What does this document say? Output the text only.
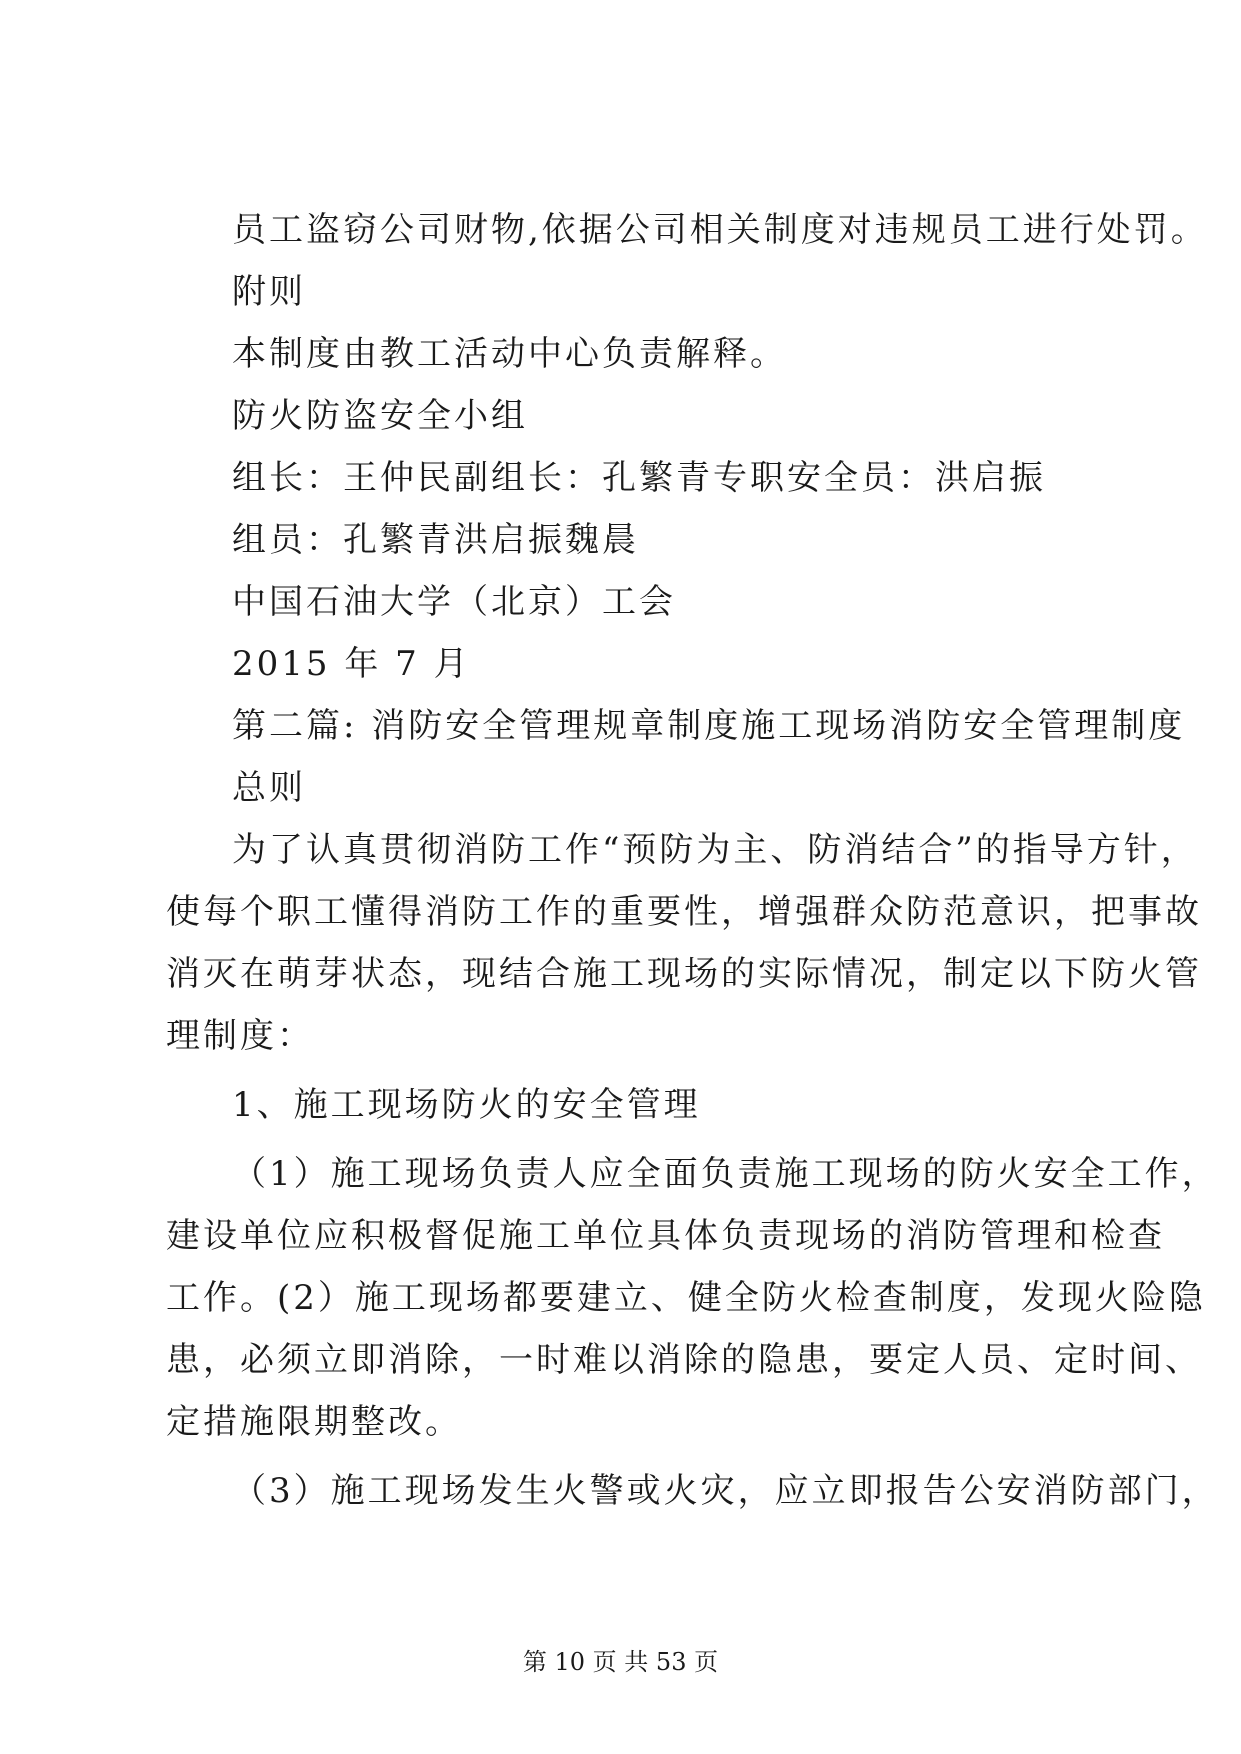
员工盗窃公司财物,依据公司相关制度对违规员工进行处罚。
附则
本制度由教工活动中心负责解释。
防火防盗安全小组
组长：王仲民副组长：孔繁青专职安全员：洪启振
组员：孔繁青洪启振魏晨
中国石油大学（北京）工会
2015 年 7 月
第二篇: 消防安全管理规章制度施工现场消防安全管理制度
总则
为了认真贯彻消防工作“预防为主、防消结合”的指导方针，
使每个职工懂得消防工作的重要性，增强群众防范意识，把事故
消灭在萌芽状态，现结合施工现场的实际情况，制定以下防火管
理制度：
1、施工现场防火的安全管理
（1）施工现场负责人应全面负责施工现场的防火安全工作，
建设单位应积极督促施工单位具体负责现场的消防管理和检查
工作。(2）施工现场都要建立、健全防火检查制度，发现火险隐
患，必须立即消除，一时难以消除的隐患，要定人员、定时间、
定措施限期整改。
（3）施工现场发生火警或火灾，应立即报告公安消防部门，
第 10 页 共 53 页
